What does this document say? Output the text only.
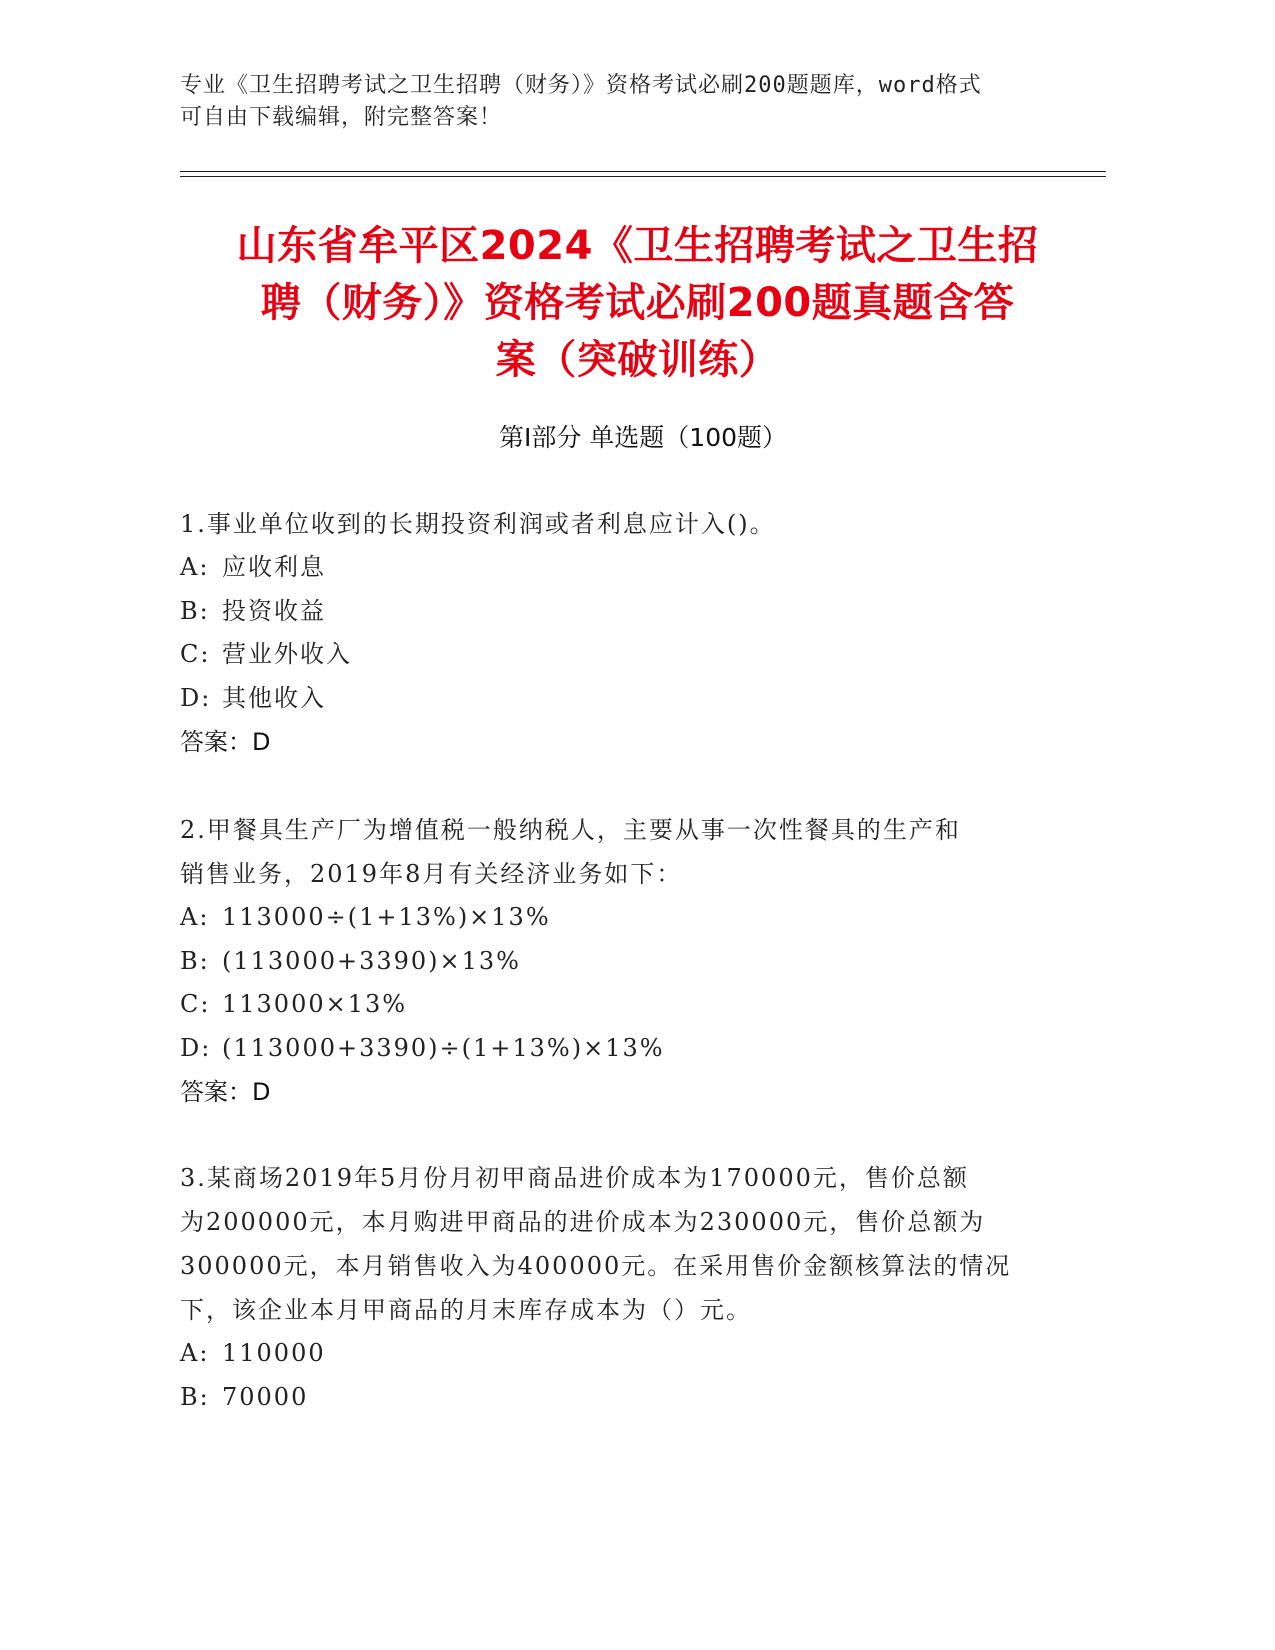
专业《卫生招聘考试之卫生招聘（财务）》资格考试必刷200题题库，word格式
可自由下载编辑，附完整答案！
山东省牟平区2024《卫生招聘考试之卫生招
聘（财务）》资格考试必刷200题真题含答
案（突破训练）
第Ⅰ部分 单选题（100题）
1.事业单位收到的长期投资利润或者利息应计入()。
A: 应收利息
B: 投资收益
C: 营业外收入
D: 其他收入
答案：D
2.甲餐具生产厂为增值税一般纳税人，主要从事一次性餐具的生产和
销售业务，2019年8月有关经济业务如下：
A: 113000÷(1+13%)×13%
B: (113000+3390)×13%
C: 113000×13%
D: (113000+3390)÷(1+13%)×13%
答案：D
3.某商场2019年5月份月初甲商品进价成本为170000元，售价总额
为200000元，本月购进甲商品的进价成本为230000元，售价总额为
300000元，本月销售收入为400000元。在采用售价金额核算法的情况
下，该企业本月甲商品的月末库存成本为（）元。
A: 110000
B: 70000
